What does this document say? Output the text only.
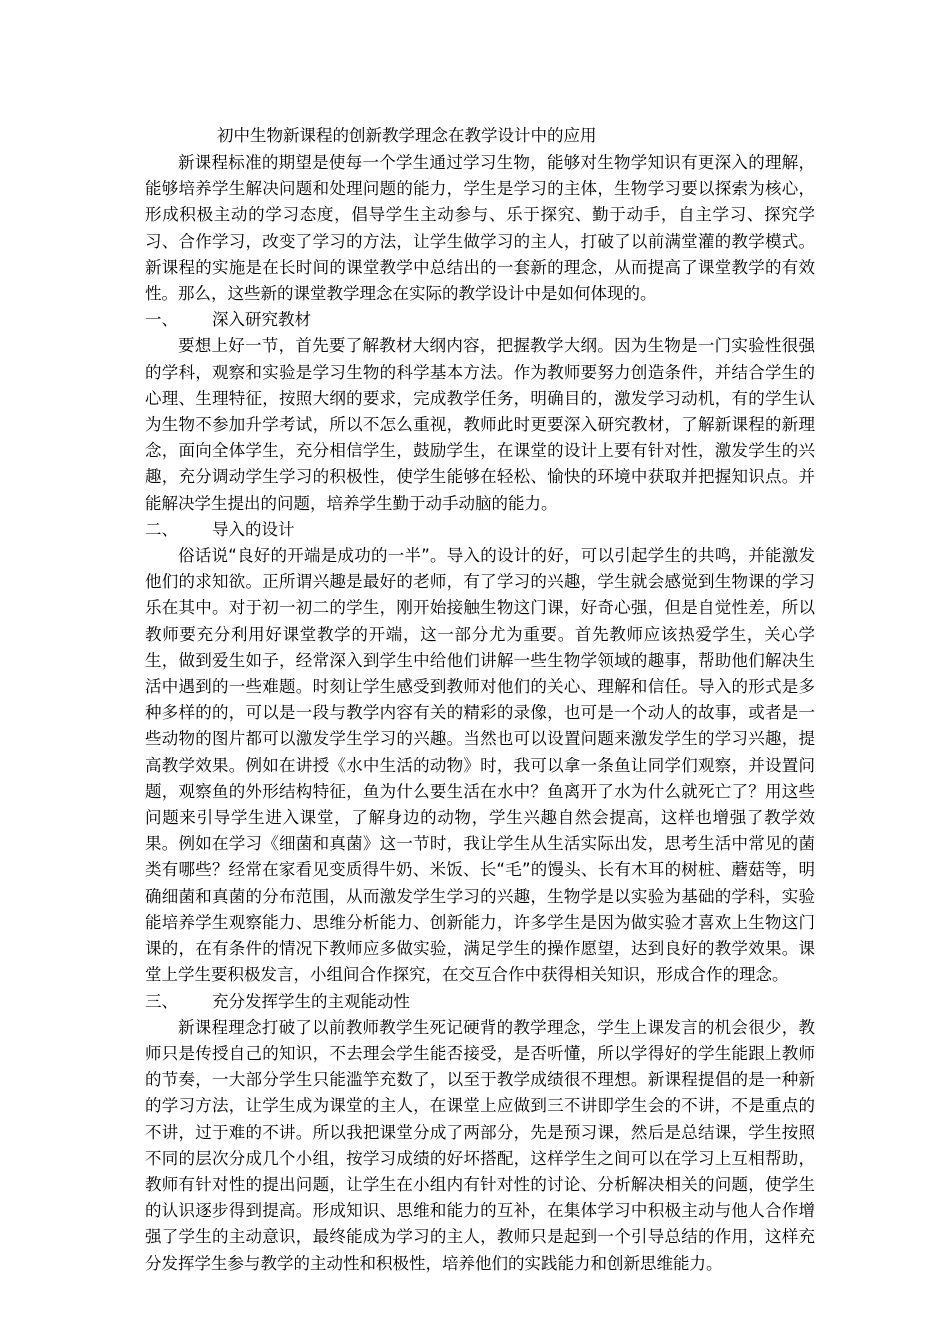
初中生物新课程的创新教学理念在教学设计中的应用

新课程标准的期望是使每一个学生通过学习生物，能够对生物学知识有更深入的理解，能够培养学生解决问题和处理问题的能力，学生是学习的主体，生物学习要以探索为核心，形成积极主动的学习态度，倡导学生主动参与、乐于探究、勤于动手，自主学习、探究学习、合作学习，改变了学习的方法，让学生做学习的主人，打破了以前满堂灌的教学模式。新课程的实施是在长时间的课堂教学中总结出的一套新的理念，从而提高了课堂教学的有效性。那么，这些新的课堂教学理念在实际的教学设计中是如何体现的。

一、 深入研究教材

要想上好一节，首先要了解教材大纲内容，把握教学大纲。因为生物是一门实验性很强的学科，观察和实验是学习生物的科学基本方法。作为教师要努力创造条件，并结合学生的心理、生理特征，按照大纲的要求，完成教学任务，明确目的，激发学习动机，有的学生认为生物不参加升学考试，所以不怎么重视，教师此时更要深入研究教材，了解新课程的新理念，面向全体学生，充分相信学生，鼓励学生，在课堂的设计上要有针对性，激发学生的兴趣，充分调动学生学习的积极性，使学生能够在轻松、愉快的环境中获取并把握知识点。并能解决学生提出的问题，培养学生勤于动手动脑的能力。

二、 导入的设计

俗话说“良好的开端是成功的一半”。导入的设计的好，可以引起学生的共鸣，并能激发他们的求知欲。正所谓兴趣是最好的老师，有了学习的兴趣，学生就会感觉到生物课的学习乐在其中。对于初一初二的学生，刚开始接触生物这门课，好奇心强，但是自觉性差，所以教师要充分利用好课堂教学的开端，这一部分尤为重要。首先教师应该热爱学生，关心学生，做到爱生如子，经常深入到学生中给他们讲解一些生物学领域的趣事，帮助他们解决生活中遇到的一些难题。时刻让学生感受到教师对他们的关心、理解和信任。导入的形式是多种多样的的，可以是一段与教学内容有关的精彩的录像，也可是一个动人的故事，或者是一些动物的图片都可以激发学生学习的兴趣。当然也可以设置问题来激发学生的学习兴趣，提高教学效果。例如在讲授《水中生活的动物》时，我可以拿一条鱼让同学们观察，并设置问题，观察鱼的外形结构特征，鱼为什么要生活在水中？鱼离开了水为什么就死亡了？用这些问题来引导学生进入课堂，了解身边的动物，学生兴趣自然会提高，这样也增强了教学效果。例如在学习《细菌和真菌》这一节时，我让学生从生活实际出发，思考生活中常见的菌类有哪些？经常在家看见变质得牛奶、米饭、长“毛”的馒头、长有木耳的树桩、蘑菇等，明确细菌和真菌的分布范围，从而激发学生学习的兴趣，生物学是以实验为基础的学科，实验能培养学生观察能力、思维分析能力、创新能力，许多学生是因为做实验才喜欢上生物这门课的，在有条件的情况下教师应多做实验，满足学生的操作愿望，达到良好的教学效果。课堂上学生要积极发言，小组间合作探究，在交互合作中获得相关知识，形成合作的理念。

三、 充分发挥学生的主观能动性

新课程理念打破了以前教师教学生死记硬背的教学理念，学生上课发言的机会很少，教师只是传授自己的知识，不去理会学生能否接受，是否听懂，所以学得好的学生能跟上教师的节奏，一大部分学生只能滥竽充数了，以至于教学成绩很不理想。新课程提倡的是一种新的学习方法，让学生成为课堂的主人，在课堂上应做到三不讲即学生会的不讲，不是重点的不讲，过于难的不讲。所以我把课堂分成了两部分，先是预习课，然后是总结课，学生按照不同的层次分成几个小组，按学习成绩的好坏搭配，这样学生之间可以在学习上互相帮助，教师有针对性的提出问题，让学生在小组内有针对性的讨论、分析解决相关的问题，使学生的认识逐步得到提高。形成知识、思维和能力的互补，在集体学习中积极主动与他人合作增强了学生的主动意识，最终能成为学习的主人，教师只是起到一个引导总结的作用，这样充分发挥学生参与教学的主动性和积极性，培养他们的实践能力和创新思维能力。
